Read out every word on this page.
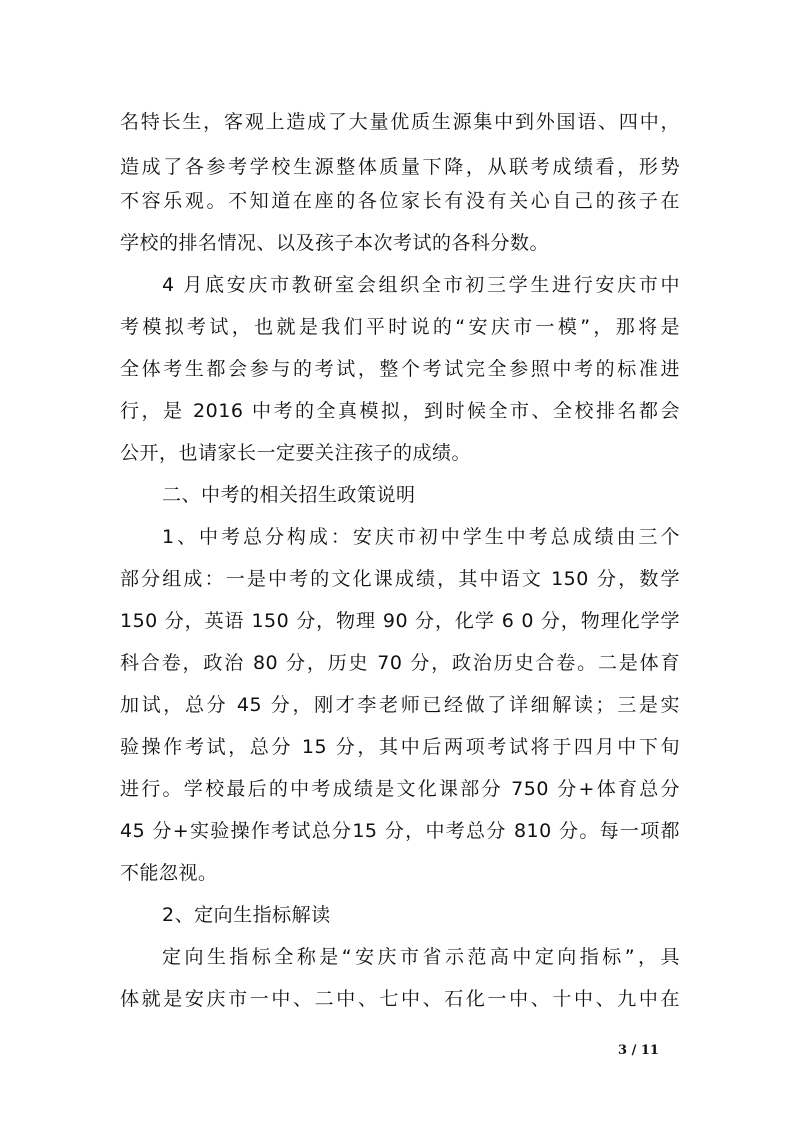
名特长生，客观上造成了大量优质生源集中到外国语、四中，
造成了各参考学校生源整体质量下降，从联考成绩看，形势
不容乐观。不知道在座的各位家长有没有关心自己的孩子在
学校的排名情况、以及孩子本次考试的各科分数。
4 月底安庆市教研室会组织全市初三学生进行安庆市中
考模拟考试，也就是我们平时说的“安庆市一模”，那将是
全体考生都会参与的考试，整个考试完全参照中考的标准进
行，是 2016 中考的全真模拟，到时候全市、全校排名都会
公开，也请家长一定要关注孩子的成绩。
二、中考的相关招生政策说明
1、中考总分构成：安庆市初中学生中考总成绩由三个
部分组成：一是中考的文化课成绩，其中语文 150 分，数学
150 分，英语 150 分，物理 90 分，化学 6 0 分，物理化学学
科合卷，政治 80 分，历史 70 分，政治历史合卷。二是体育
加试，总分 45 分，刚才李老师已经做了详细解读；三是实
验操作考试，总分 15 分，其中后两项考试将于四月中下旬
进行。学校最后的中考成绩是文化课部分 750 分+体育总分
45 分+实验操作考试总分15 分，中考总分 810 分。每一项都
不能忽视。
2、定向生指标解读
定向生指标全称是“安庆市省示范高中定向指标”，具
体就是安庆市一中、二中、七中、石化一中、十中、九中在
3 / 11
